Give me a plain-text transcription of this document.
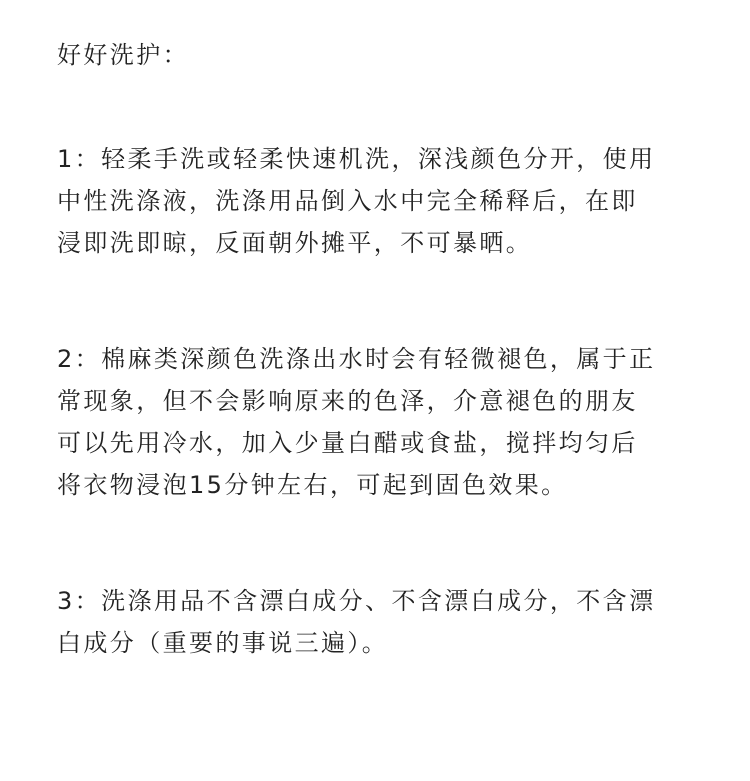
好好洗护：

1：轻柔手洗或轻柔快速机洗，深浅颜色分开，使用
中性洗涤液，洗涤用品倒入水中完全稀释后，在即
浸即洗即晾，反面朝外摊平，不可暴晒。

2：棉麻类深颜色洗涤出水时会有轻微褪色，属于正
常现象，但不会影响原来的色泽，介意褪色的朋友
可以先用冷水，加入少量白醋或食盐，搅拌均匀后
将衣物浸泡15分钟左右，可起到固色效果。

3：洗涤用品不含漂白成分、不含漂白成分，不含漂
白成分（重要的事说三遍）。
